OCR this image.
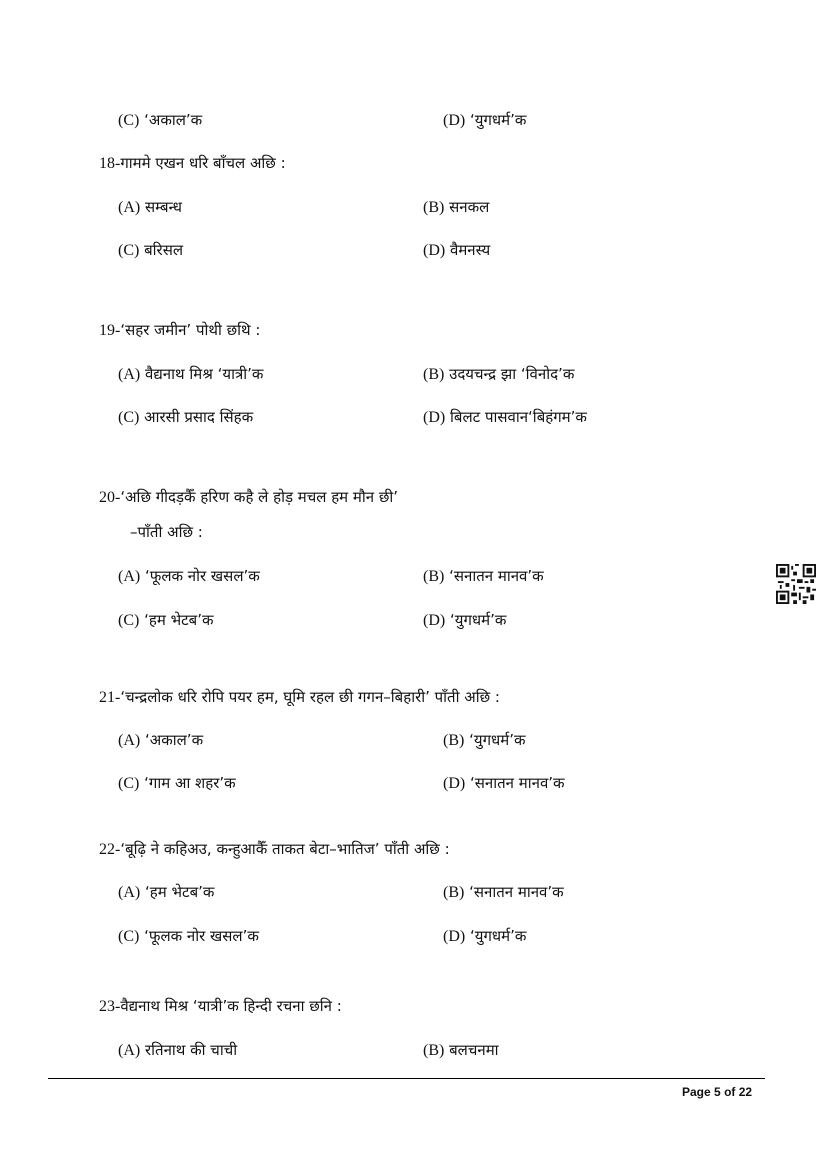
(C) ‘अकाल’क	(D) ‘युगधर्म’क
18-गाममे एखन धरि बाँचल अछि :
(A) सम्बन्ध	(B) सनकल
(C) बरिसल	(D) वैमनस्य
19-‘सहर जमीन’ पोथी छथि :
(A) वैद्यनाथ मिश्र ‘यात्री’क	(B) उदयचन्द्र झा ‘विनोद’क
(C) आरसी प्रसाद सिंहक	(D) बिलट पासवान‘बिहंगम’क
20-‘अछि गीदड़कैँ हरिण कहै ले होड़ मचल हम मौन छी’
–पाँती अछि :
(A) ‘फूलक नोर खसल’क	(B) ‘सनातन मानव’क
(C) ‘हम भेटब’क	(D) ‘युगधर्म’क
21-‘चन्द्रलोक धरि रोपि पयर हम, घूमि रहल छी गगन–बिहारी’ पाँती अछि :
(A) ‘अकाल’क	(B) ‘युगधर्म’क
(C) ‘गाम आ शहर’क	(D) ‘सनातन मानव’क
22-‘बूढ़ि ने कहिअउ, कन्हुआकैँ ताकत बेटा–भातिज’ पाँती अछि :
(A) ‘हम भेटब’क	(B) ‘सनातन मानव’क
(C) ‘फूलक नोर खसल’क	(D) ‘युगधर्म’क
23-वैद्यनाथ मिश्र ‘यात्री’क हिन्दी रचना छनि :
(A) रतिनाथ की चाची	(B) बलचनमा
Page 5 of 22
